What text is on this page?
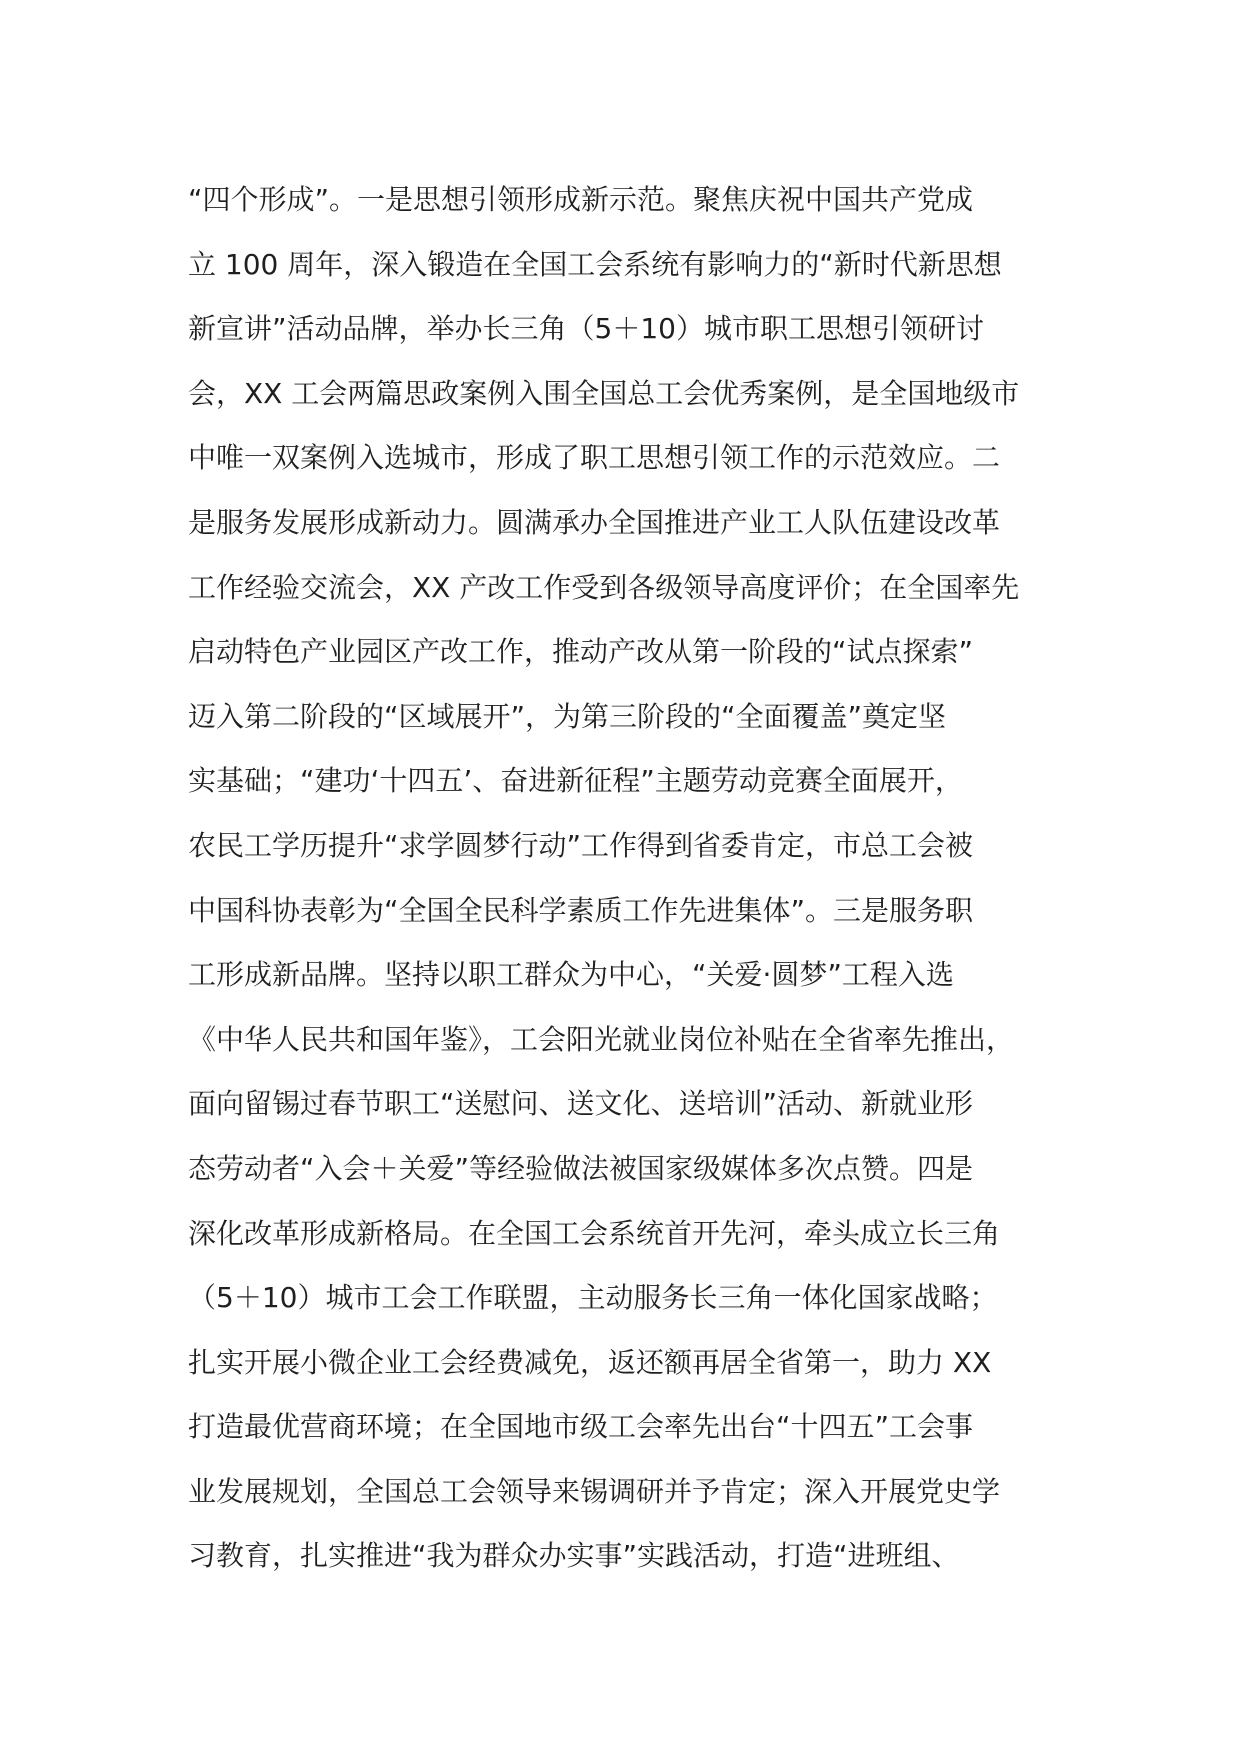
“四个形成”。一是思想引领形成新示范。聚焦庆祝中国共产党成
立 100 周年，深入锻造在全国工会系统有影响力的“新时代新思想
新宣讲”活动品牌，举办长三角（5＋10）城市职工思想引领研讨
会，XX 工会两篇思政案例入围全国总工会优秀案例，是全国地级市
中唯一双案例入选城市，形成了职工思想引领工作的示范效应。二
是服务发展形成新动力。圆满承办全国推进产业工人队伍建设改革
工作经验交流会，XX 产改工作受到各级领导高度评价；在全国率先
启动特色产业园区产改工作，推动产改从第一阶段的“试点探索”
迈入第二阶段的“区域展开”，为第三阶段的“全面覆盖”奠定坚
实基础；“建功‘十四五’、奋进新征程”主题劳动竞赛全面展开，
农民工学历提升“求学圆梦行动”工作得到省委肯定，市总工会被
中国科协表彰为“全国全民科学素质工作先进集体”。三是服务职
工形成新品牌。坚持以职工群众为中心，“关爱·圆梦”工程入选
《中华人民共和国年鉴》，工会阳光就业岗位补贴在全省率先推出，
面向留锡过春节职工“送慰问、送文化、送培训”活动、新就业形
态劳动者“入会＋关爱”等经验做法被国家级媒体多次点赞。四是
深化改革形成新格局。在全国工会系统首开先河，牵头成立长三角
（5＋10）城市工会工作联盟，主动服务长三角一体化国家战略；
扎实开展小微企业工会经费减免，返还额再居全省第一，助力 XX
打造最优营商环境；在全国地市级工会率先出台“十四五”工会事
业发展规划，全国总工会领导来锡调研并予肯定；深入开展党史学
习教育，扎实推进“我为群众办实事”实践活动，打造“进班组、
